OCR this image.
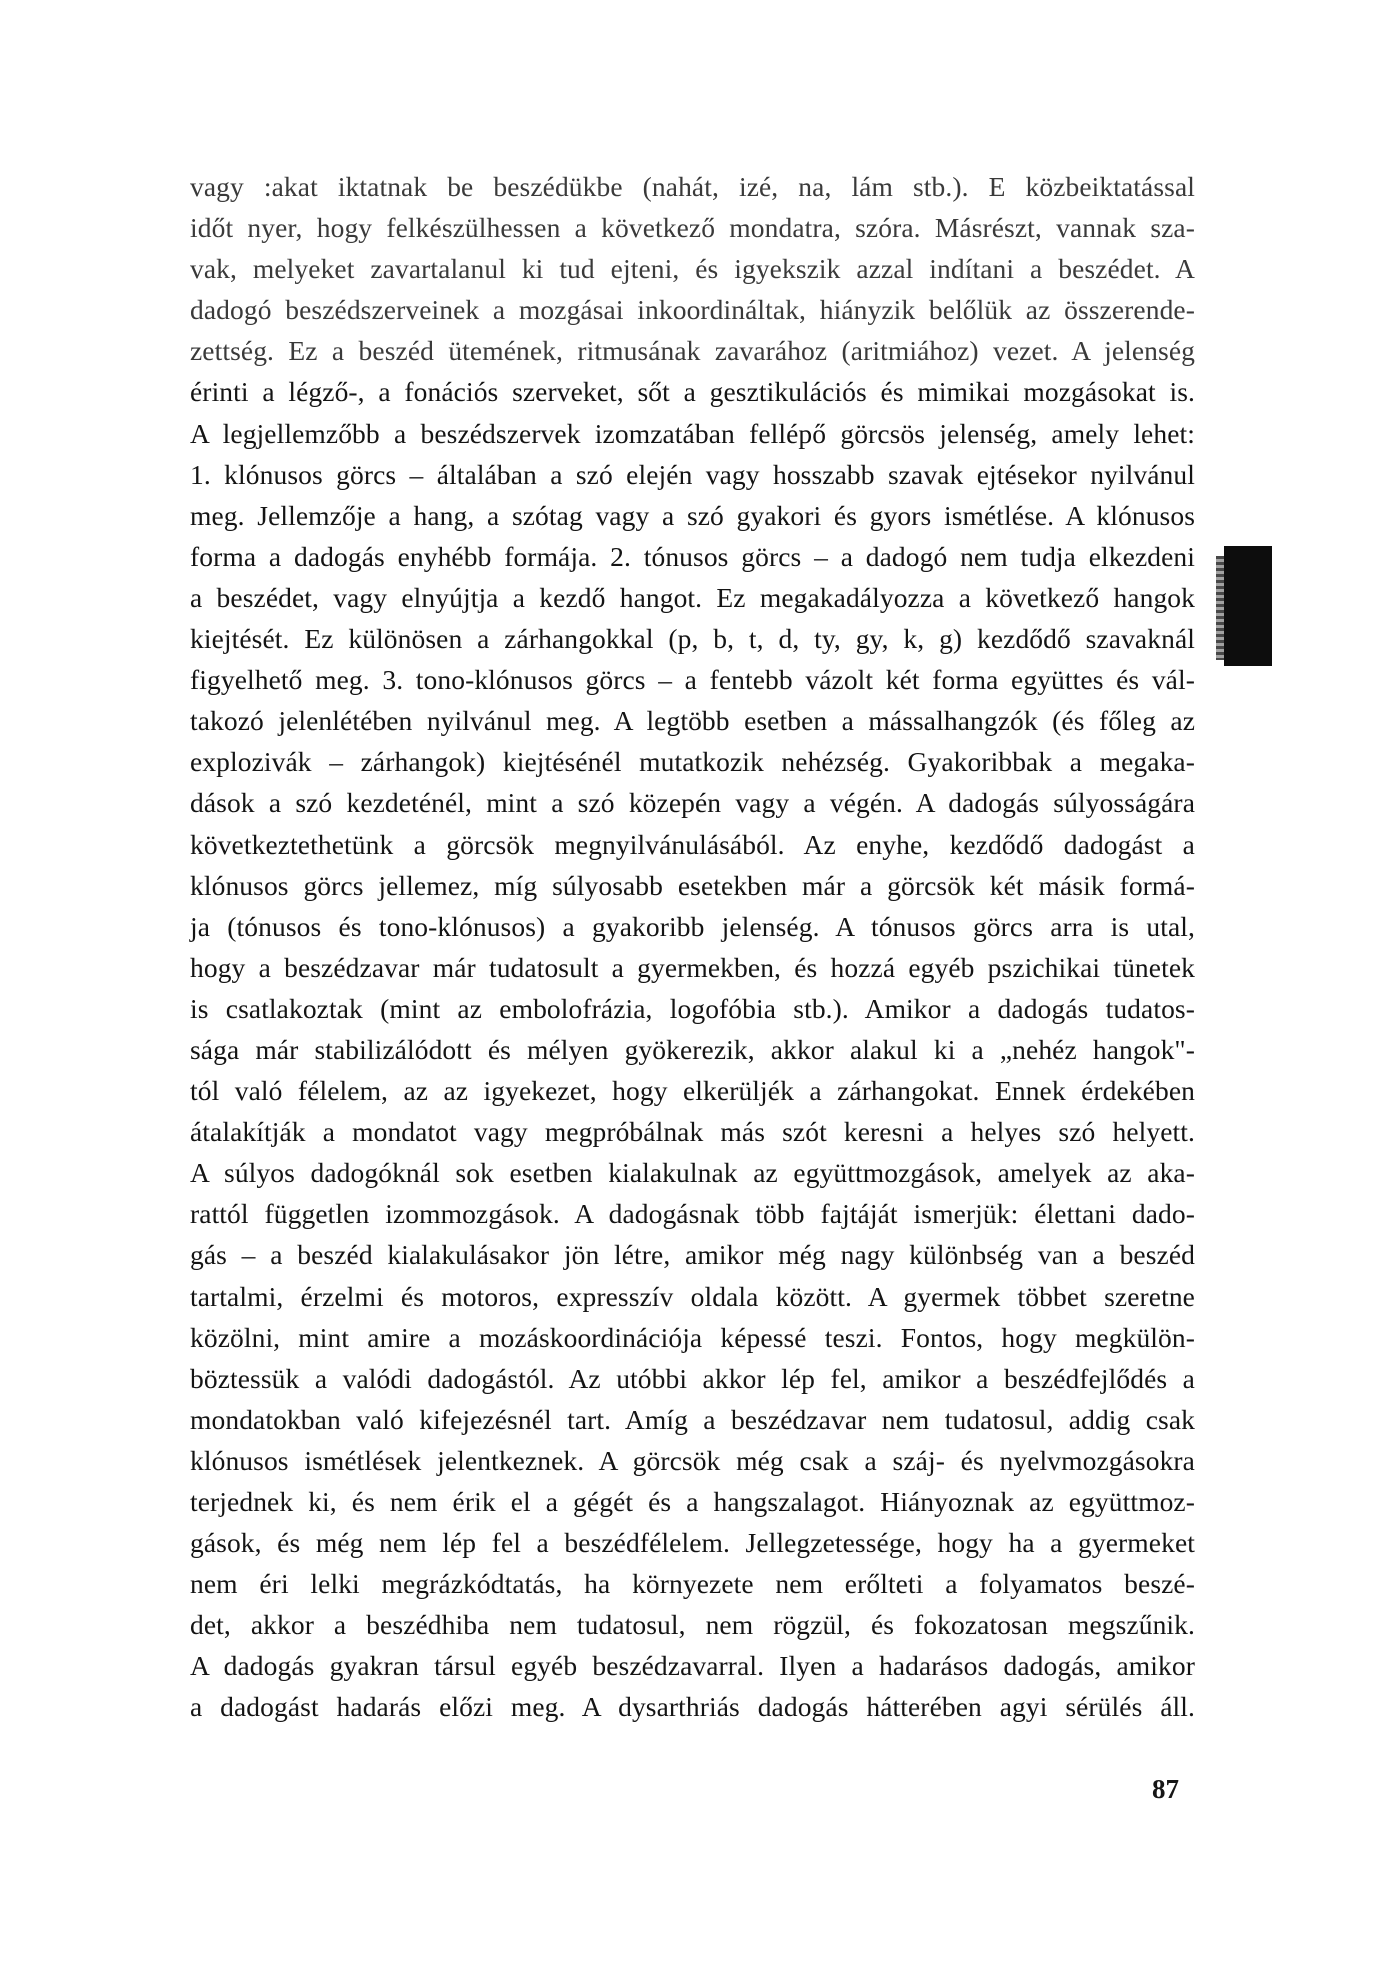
vagy :akat iktatnak be beszédükbe (nahát, izé, na, lám stb.). E közbeiktatással
időt nyer, hogy felkészülhessen a következő mondatra, szóra. Másrészt, vannak sza-
vak, melyeket zavartalanul ki tud ejteni, és igyekszik azzal indítani a beszédet. A
dadogó beszédszerveinek a mozgásai inkoordináltak, hiányzik belőlük az összerende-
zettség. Ez a beszéd ütemének, ritmusának zavarához (aritmiához) vezet. A jelenség
érinti a légző-, a fonációs szerveket, sőt a gesztikulációs és mimikai mozgásokat is.
A legjellemzőbb a beszédszervek izomzatában fellépő görcsös jelenség, amely lehet:
1. klónusos görcs – általában a szó elején vagy hosszabb szavak ejtésekor nyilvánul
meg. Jellemzője a hang, a szótag vagy a szó gyakori és gyors ismétlése. A klónusos
forma a dadogás enyhébb formája. 2. tónusos görcs – a dadogó nem tudja elkezdeni
a beszédet, vagy elnyújtja a kezdő hangot. Ez megakadályozza a következő hangok
kiejtését. Ez különösen a zárhangokkal (p, b, t, d, ty, gy, k, g) kezdődő szavaknál
figyelhető meg. 3. tono-klónusos görcs – a fentebb vázolt két forma együttes és vál-
takozó jelenlétében nyilvánul meg. A legtöbb esetben a mássalhangzók (és főleg az
explozivák – zárhangok) kiejtésénél mutatkozik nehézség. Gyakoribbak a megaka-
dások a szó kezdeténél, mint a szó közepén vagy a végén. A dadogás súlyosságára
következtethetünk a görcsök megnyilvánulásából. Az enyhe, kezdődő dadogást a
klónusos görcs jellemez, míg súlyosabb esetekben már a görcsök két másik formá-
ja (tónusos és tono-klónusos) a gyakoribb jelenség. A tónusos görcs arra is utal,
hogy a beszédzavar már tudatosult a gyermekben, és hozzá egyéb pszichikai tünetek
is csatlakoztak (mint az embolofrázia, logofóbia stb.). Amikor a dadogás tudatos-
sága már stabilizálódott és mélyen gyökerezik, akkor alakul ki a „nehéz hangok"-
tól való félelem, az az igyekezet, hogy elkerüljék a zárhangokat. Ennek érdekében
átalakítják a mondatot vagy megpróbálnak más szót keresni a helyes szó helyett.
A súlyos dadogóknál sok esetben kialakulnak az együttmozgások, amelyek az aka-
rattól független izommozgások. A dadogásnak több fajtáját ismerjük: élettani dado-
gás – a beszéd kialakulásakor jön létre, amikor még nagy különbség van a beszéd
tartalmi, érzelmi és motoros, expresszív oldala között. A gyermek többet szeretne
közölni, mint amire a mozáskoordinációja képessé teszi. Fontos, hogy megkülön-
böztessük a valódi dadogástól. Az utóbbi akkor lép fel, amikor a beszédfejlődés a
mondatokban való kifejezésnél tart. Amíg a beszédzavar nem tudatosul, addig csak
klónusos ismétlések jelentkeznek. A görcsök még csak a száj- és nyelvmozgásokra
terjednek ki, és nem érik el a gégét és a hangszalagot. Hiányoznak az együttmoz-
gások, és még nem lép fel a beszédfélelem. Jellegzetessége, hogy ha a gyermeket
nem éri lelki megrázkódtatás, ha környezete nem erőlteti a folyamatos beszé-
det, akkor a beszédhiba nem tudatosul, nem rögzül, és fokozatosan megszűnik.
A dadogás gyakran társul egyéb beszédzavarral. Ilyen a hadarásos dadogás, amikor
a dadogást hadarás előzi meg. A dysarthriás dadogás hátterében agyi sérülés áll.
87
